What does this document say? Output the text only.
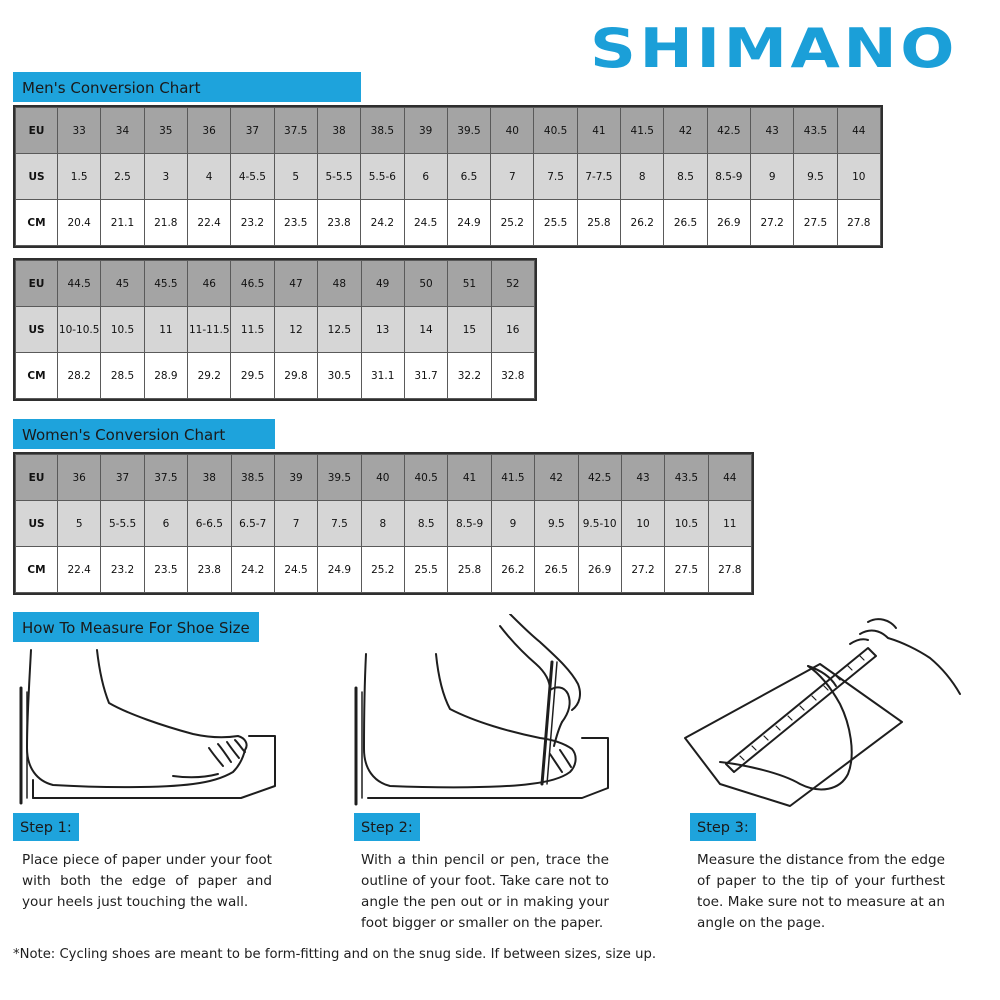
SHIMANO
Men's Conversion Chart
EU	33	34	35	36	37	37.5	38	38.5	39	39.5	40	40.5	41	41.5	42	42.5	43	43.5	44
US	1.5	2.5	3	4	4-5.5	5	5-5.5	5.5-6	6	6.5	7	7.5	7-7.5	8	8.5	8.5-9	9	9.5	10
CM	20.4	21.1	21.8	22.4	23.2	23.5	23.8	24.2	24.5	24.9	25.2	25.5	25.8	26.2	26.5	26.9	27.2	27.5	27.8
EU	44.5	45	45.5	46	46.5	47	48	49	50	51	52
US	10-10.5	10.5	11	11-11.5	11.5	12	12.5	13	14	15	16
CM	28.2	28.5	28.9	29.2	29.5	29.8	30.5	31.1	31.7	32.2	32.8
Women's Conversion Chart
EU	36	37	37.5	38	38.5	39	39.5	40	40.5	41	41.5	42	42.5	43	43.5	44
US	5	5-5.5	6	6-6.5	6.5-7	7	7.5	8	8.5	8.5-9	9	9.5	9.5-10	10	10.5	11
CM	22.4	23.2	23.5	23.8	24.2	24.5	24.9	25.2	25.5	25.8	26.2	26.5	26.9	27.2	27.5	27.8
How To Measure For Shoe Size
Step 1:	Step 2:	Step 3:
Place piece of paper under your foot with both the edge of paper and your heels just touching the wall.
With a thin pencil or pen, trace the outline of your foot. Take care not to angle the pen out or in making your foot bigger or smaller on the paper.
Measure the distance from the edge of paper to the tip of your furthest toe. Make sure not to measure at an angle on the page.
*Note: Cycling shoes are meant to be form-fitting and on the snug side. If between sizes, size up.
